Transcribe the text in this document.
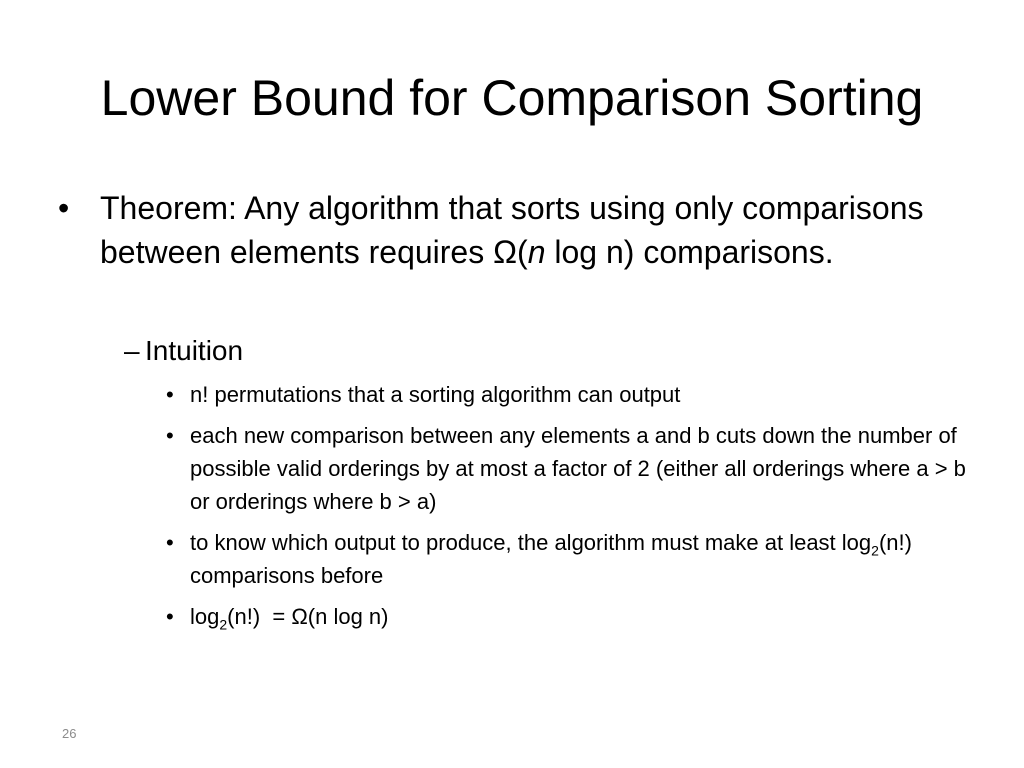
Lower Bound for Comparison Sorting
• Theorem: Any algorithm that sorts using only comparisons between elements requires Ω(n log n) comparisons.
– Intuition
• n! permutations that a sorting algorithm can output
• each new comparison between any elements a and b cuts down the number of possible valid orderings by at most a factor of 2 (either all orderings where a > b or orderings where b > a)
• to know which output to produce, the algorithm must make at least $\log_2(n!)$ comparisons before
• $\log_2(n!) = \Omega(n$ log n)
26
